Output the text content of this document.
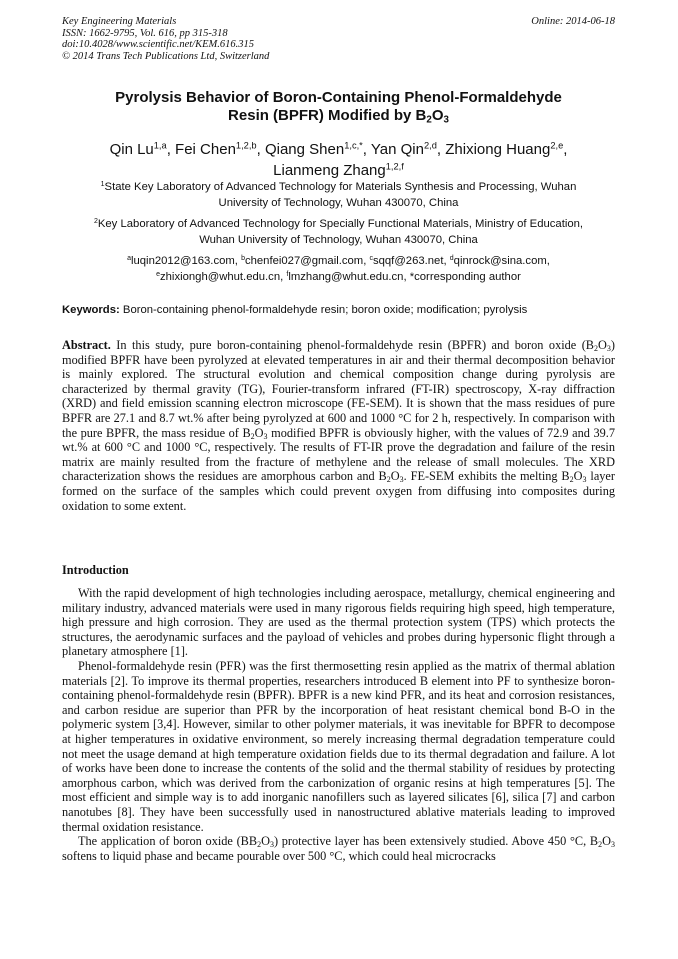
Key Engineering Materials
ISSN: 1662-9795, Vol. 616, pp 315-318
doi:10.4028/www.scientific.net/KEM.616.315
© 2014 Trans Tech Publications Ltd, Switzerland
Online: 2014-06-18
Pyrolysis Behavior of Boron-Containing Phenol-Formaldehyde
Resin (BPFR) Modified by $B_2O_3$
Qin Lu$^{1,a}$, Fei Chen$^{1,2,b}$, Qiang Shen$^{1,c,*}$, Yan Qin$^{2,d}$, Zhixiong Huang$^{2,e}$,
Lianmeng Zhang$^{1,2,f}$
$^1$State Key Laboratory of Advanced Technology for Materials Synthesis and Processing, Wuhan
University of Technology, Wuhan 430070, China
$^2$Key Laboratory of Advanced Technology for Specially Functional Materials, Ministry of Education,
Wuhan University of Technology, Wuhan 430070, China
$^a$luqin2012@163.com, $^b$chenfei027@gmail.com, $^c$sqqf@263.net, $^d$qinrock@sina.com,
$^e$zhixiongh@whut.edu.cn, $^f$lmzhang@whut.edu.cn, *corresponding author
Keywords: Boron-containing phenol-formaldehyde resin; boron oxide; modification; pyrolysis
Abstract. In this study, pure boron-containing phenol-formaldehyde resin (BPFR) and boron oxide $(B_2O_3)$ modified BPFR have been pyrolyzed at elevated temperatures in air and their thermal decomposition behavior is mainly explored. The structural evolution and chemical composition change during pyrolysis are characterized by thermal gravity (TG), Fourier-transform infrared (FT-IR) spectroscopy, X-ray diffraction (XRD) and field emission scanning electron microscope (FE-SEM). It is shown that the mass residues of pure BPFR are 27.1 and 8.7 wt.% after being pyrolyzed at 600 and 1000 °C for 2 h, respectively. In comparison with the pure BPFR, the mass residue of $B_2O_3$ modified BPFR is obviously higher, with the values of 72.9 and 39.7 wt.% at 600 °C and 1000 °C, respectively. The results of FT-IR prove the degradation and failure of the resin matrix are mainly resulted from the fracture of methylene and the release of small molecules. The XRD characterization shows the residues are amorphous carbon and $B_2O_3$. FE-SEM exhibits the melting $B_2O_3$ layer formed on the surface of the samples which could prevent oxygen from diffusing into composites during oxidation to some extent.
Introduction

With the rapid development of high technologies including aerospace, metallurgy, chemical engineering and military industry, advanced materials were used in many rigorous fields requiring high speed, high temperature, high pressure and high corrosion. They are used as the thermal protection system (TPS) which protects the structures, the aerodynamic surfaces and the payload of vehicles and probes during hypersonic flight through a planetary atmosphere [1].

Phenol-formaldehyde resin (PFR) was the first thermosetting resin applied as the matrix of thermal ablation materials [2]. To improve its thermal properties, researchers introduced B element into PF to synthesize boron-containing phenol-formaldehyde resin (BPFR). BPFR is a new kind PFR, and its heat and corrosion resistances, and carbon residue are superior than PFR by the incorporation of heat resistant chemical bond B-O in the polymeric system [3,4]. However, similar to other polymer materials, it was inevitable for BPFR to decompose at higher temperatures in oxidative environment, so merely increasing thermal degradation temperature could not meet the usage demand at high temperature oxidation fields due to its thermal degradation and failure. A lot of works have been done to increase the contents of the solid and the thermal stability of residues by protecting amorphous carbon, which was derived from the carbonization of organic resins at high temperatures [5]. The most efficient and simple way is to add inorganic nanofillers such as layered silicates [6], silica [7] and carbon nanotubes [8]. They have been successfully used in nanostructured ablative materials leading to improved thermal oxidation resistance.

The application of boron oxide $(BB_2O_3)$ protective layer has been extensively studied. Above 450 °C, $B_2O_3$ softens to liquid phase and became pourable over 500 °C, which could heal microcracks
